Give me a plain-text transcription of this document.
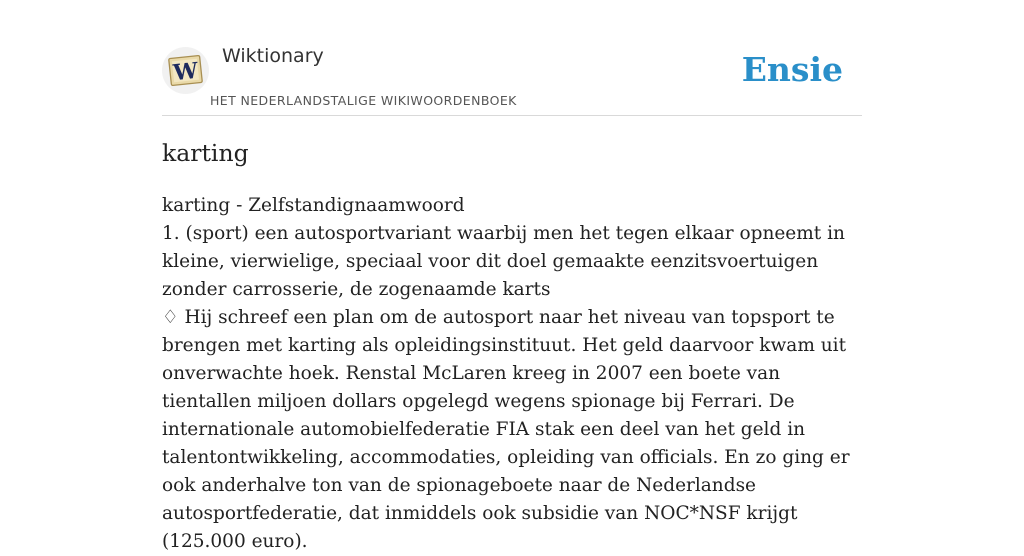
W
Wiktionary
HET NEDERLANDSTALIGE WIKIWOORDENBOEK
Ensie
karting

karting - Zelfstandignaamwoord

1. (sport) een autosportvariant waarbij men het tegen elkaar opneemt in kleine, vierwielige, speciaal voor dit doel gemaakte eenzitsvoertuigen zonder carrosserie, de zogenaamde karts

♢ Hij schreef een plan om de autosport naar het niveau van topsport te brengen met karting als opleidingsinstituut. Het geld daarvoor kwam uit onverwachte hoek. Renstal McLaren kreeg in 2007 een boete van tientallen miljoen dollars opgelegd wegens spionage bij Ferrari. De internationale automobielfederatie FIA stak een deel van het geld in talentontwikkeling, accommodaties, opleiding van officials. En zo ging er ook anderhalve ton van de spionageboete naar de Nederlandse autosportfederatie, dat inmiddels ook subsidie van NOC*NSF krijgt (125.000 euro).
